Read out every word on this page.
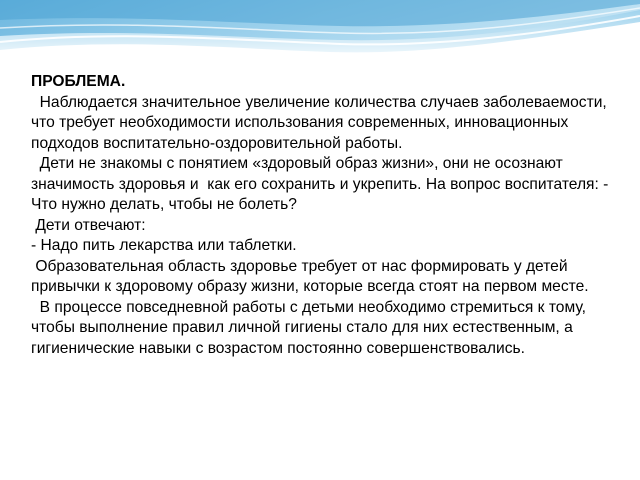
ПРОБЛЕМА.

Наблюдается значительное увеличение количества случаев заболеваемости, что требует необходимости использования современных, инновационных подходов воспитательно-оздоровительной работы.

Дети не знакомы с понятием «здоровый образ жизни», они не осознают значимость здоровья и  как его сохранить и укрепить. На вопрос воспитателя: - Что нужно делать, чтобы не болеть?

Дети отвечают:

- Надо пить лекарства или таблетки.

Образовательная область здоровье требует от нас формировать у детей привычки к здоровому образу жизни, которые всегда стоят на первом месте.

В процессе повседневной работы с детьми необходимо стремиться к тому, чтобы выполнение правил личной гигиены стало для них естественным, а гигиенические навыки с возрастом постоянно совершенствовались.
